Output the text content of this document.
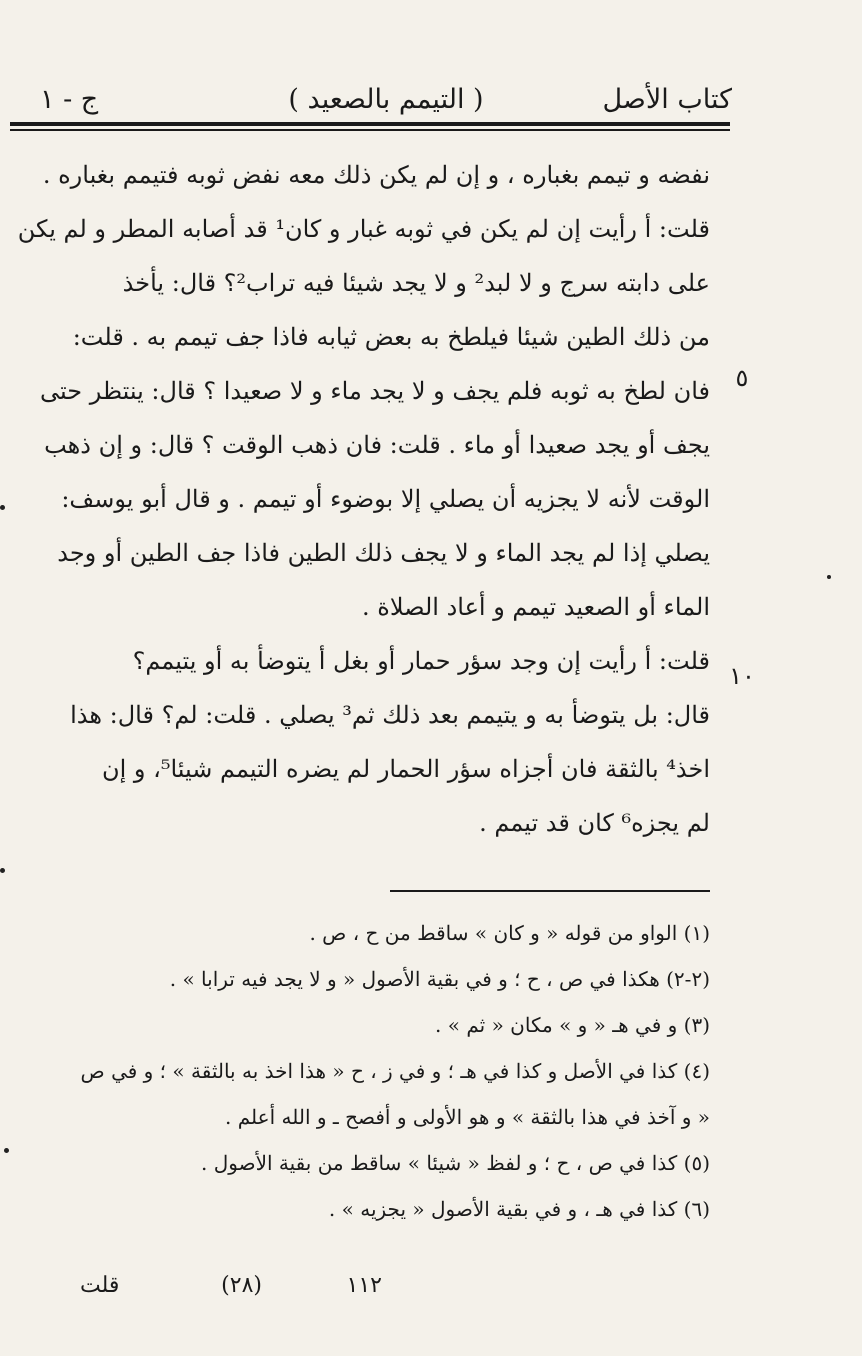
كتاب الأصل
( التيمم بالصعيد )
ج - ١
نفضه و تيمم بغباره ، و إن لم يكن ذلك معه نفض ثوبه فتيمم بغباره .
قلت: أ رأيت إن لم يكن في ثوبه غبار و كان¹ قد أصابه المطر و لم يكن
على دابته سرج و لا لبد² و لا يجد شيئا فيه تراب²؟ قال: يأخذ
من ذلك الطين شيئا فيلطخ به بعض ثيابه فاذا جف تيمم به . قلت:
فان لطخ به ثوبه فلم يجف و لا يجد ماء و لا صعيدا ؟ قال: ينتظر حتى
يجف أو يجد صعيدا أو ماء . قلت: فان ذهب الوقت ؟ قال: و إن ذهب
الوقت لأنه لا يجزيه أن يصلي إلا بوضوء أو تيمم . و قال أبو يوسف:
يصلي إذا لم يجد الماء و لا يجف ذلك الطين فاذا جف الطين أو وجد
الماء أو الصعيد تيمم و أعاد الصلاة .
قلت: أ رأيت إن وجد سؤر حمار أو بغل أ يتوضأ به أو يتيمم؟
قال: بل يتوضأ به و يتيمم بعد ذلك ثم³ يصلي . قلت: لم؟ قال: هذا
اخذ⁴ بالثقة فان أجزاه سؤر الحمار لم يضره التيمم شيئا⁵، و إن
لم يجزه⁶ كان قد تيمم .
٥
١٠
(١) الواو من قوله « و كان » ساقط من ح ، ص .
(٢-٢) هكذا في ص ، ح ؛ و في بقية الأصول « و لا يجد فيه ترابا » .
(٣) و في هـ « و » مكان « ثم » .
(٤) كذا في الأصل و كذا في هـ ؛ و في ز ، ح « هذا اخذ به بالثقة » ؛ و في ص
« و آخذ في هذا بالثقة » و هو الأولى و أفصح ـ و الله أعلم .
(٥) كذا في ص ، ح ؛ و لفظ « شيئا » ساقط من بقية الأصول .
(٦) كذا في هـ ، و في بقية الأصول « يجزيه » .
١١٢
(٢٨)
قلت
